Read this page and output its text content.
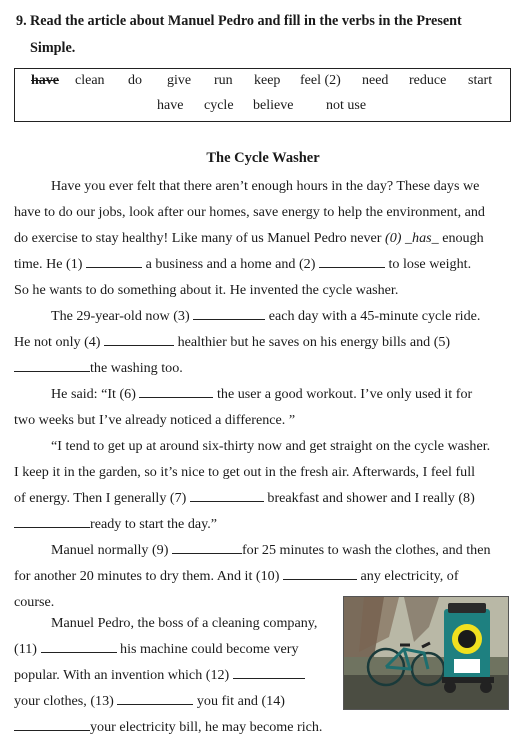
9. Read the article about Manuel Pedro and fill in the verbs in the Present
Simple.
have clean do give run keep feel (2) need reduce start
have cycle believe not use
The Cycle Washer
Have you ever felt that there aren’t enough hours in the day? These days we
have to do our jobs, look after our homes, save energy to help the environment, and
do exercise to stay healthy! Like many of us Manuel Pedro never (0) _has_ enough
time. He (1)	a business and a home and (2)	to lose weight.
So he wants to do something about it. He invented the cycle washer.
The 29-year-old now (3)	each day with a 45-minute cycle ride.
He not only (4)	healthier but he saves on his energy bills and (5)
the washing too.
He said: “It (6)	the user a good workout. I’ve only used it for
two weeks but I’ve already noticed a difference. ”
“I tend to get up at around six-thirty now and get straight on the cycle washer.
I keep it in the garden, so it’s nice to get out in the fresh air. Afterwards, I feel full
of energy. Then I generally (7)	breakfast and shower and I really (8)
ready to start the day.”
Manuel normally (9)	for 25 minutes to wash the clothes, and then
for another 20 minutes to dry them. And it (10)	any electricity, of
course.
Manuel Pedro, the boss of a cleaning company,
(11)	his machine could become very
popular. With an invention which (12)
your clothes, (13)	you fit and (14)
your electricity bill, he may become rich.
